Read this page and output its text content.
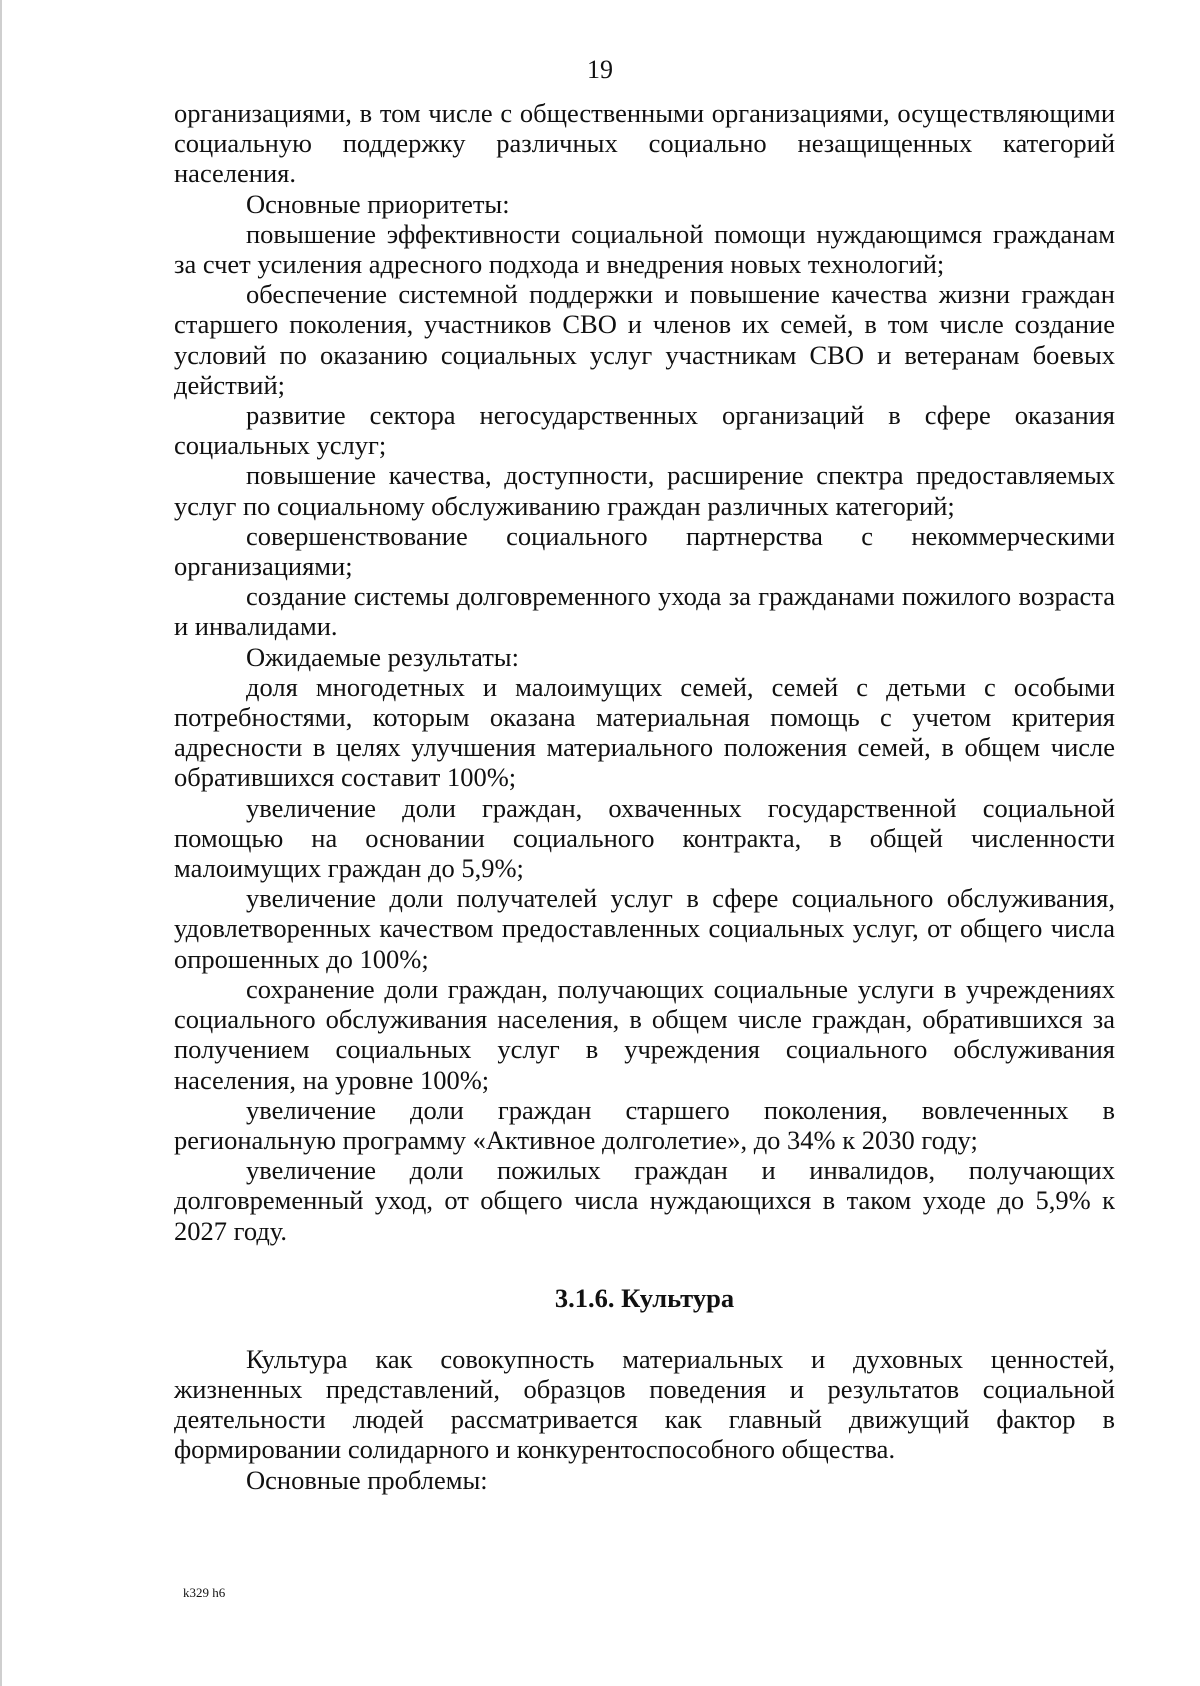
19

организациями, в том числе с общественными организациями, осуществляющими социальную поддержку различных социально незащищенных категорий населения.

Основные приоритеты:

повышение эффективности социальной помощи нуждающимся гражданам за счет усиления адресного подхода и внедрения новых технологий;

обеспечение системной поддержки и повышение качества жизни граждан старшего поколения, участников СВО и членов их семей, в том числе создание условий по оказанию социальных услуг участникам СВО и ветеранам боевых действий;

развитие сектора негосударственных организаций в сфере оказания социальных услуг;

повышение качества, доступности, расширение спектра предоставляемых услуг по социальному обслуживанию граждан различных категорий;

совершенствование социального партнерства с некоммерческими организациями;

создание системы долговременного ухода за гражданами пожилого возраста и инвалидами.

Ожидаемые результаты:

доля многодетных и малоимущих семей, семей с детьми с особыми потребностями, которым оказана материальная помощь с учетом критерия адресности в целях улучшения материального положения семей, в общем числе обратившихся составит 100%;

увеличение доли граждан, охваченных государственной социальной помощью на основании социального контракта, в общей численности малоимущих граждан до 5,9%;

увеличение доли получателей услуг в сфере социального обслуживания, удовлетворенных качеством предоставленных социальных услуг, от общего числа опрошенных до 100%;

сохранение доли граждан, получающих социальные услуги в учреждениях социального обслуживания населения, в общем числе граждан, обратившихся за получением социальных услуг в учреждения социального обслуживания населения, на уровне 100%;

увеличение доли граждан старшего поколения, вовлеченных в региональную программу «Активное долголетие», до 34% к 2030 году;

увеличение доли пожилых граждан и инвалидов, получающих долговременный уход, от общего числа нуждающихся в таком уходе до 5,9% к 2027 году.

3.1.6. Культура

Культура как совокупность материальных и духовных ценностей, жизненных представлений, образцов поведения и результатов социальной деятельности людей рассматривается как главный движущий фактор в формировании солидарного и конкурентоспособного общества.

Основные проблемы:

k329 h6
